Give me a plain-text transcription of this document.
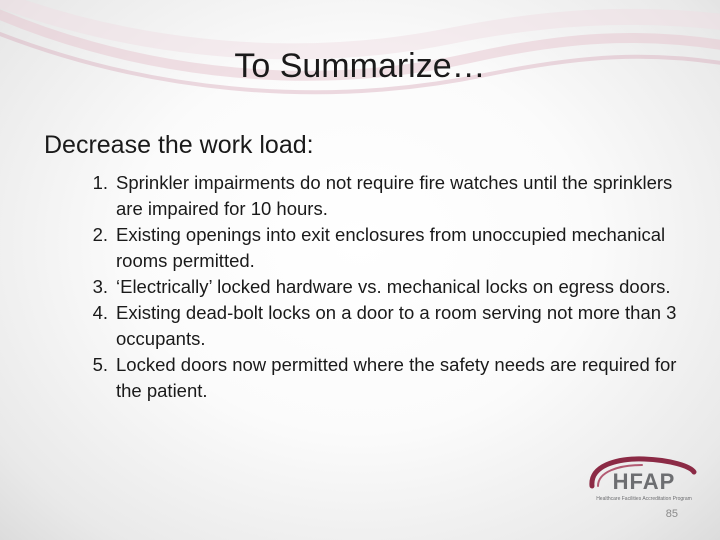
To Summarize…
Decrease the work load:
1. Sprinkler impairments do not require fire watches until the sprinklers are impaired for 10 hours.
2. Existing openings into exit enclosures from unoccupied mechanical rooms permitted.
3. ‘Electrically’ locked hardware vs. mechanical locks on egress doors.
4. Existing dead-bolt locks on a door to a room serving not more than 3 occupants.
5. Locked doors now permitted where the safety needs are required for the patient.
HFAP
Healthcare Facilities Accreditation Program
85
